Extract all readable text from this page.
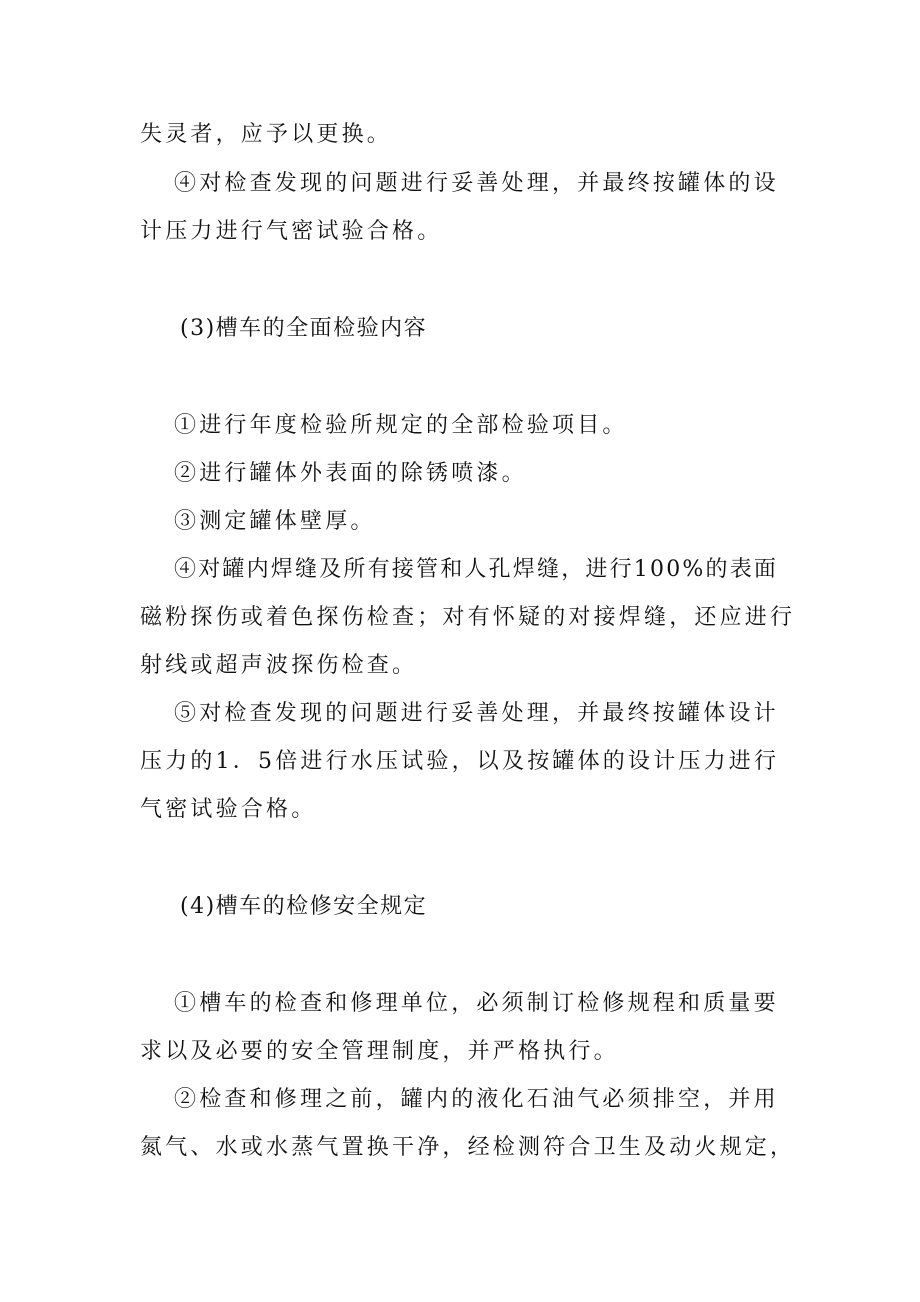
失灵者，应予以更换。
④对检查发现的问题进行妥善处理，并最终按罐体的设
计压力进行气密试验合格。
(3)槽车的全面检验内容
①进行年度检验所规定的全部检验项目。
②进行罐体外表面的除锈喷漆。
③测定罐体壁厚。
④对罐内焊缝及所有接管和人孔焊缝，进行100%的表面
磁粉探伤或着色探伤检查；对有怀疑的对接焊缝，还应进行
射线或超声波探伤检查。
⑤对检查发现的问题进行妥善处理，并最终按罐体设计
压力的1．5倍进行水压试验，以及按罐体的设计压力进行
气密试验合格。
(4)槽车的检修安全规定
①槽车的检查和修理单位，必须制订检修规程和质量要
求以及必要的安全管理制度，并严格执行。
②检查和修理之前，罐内的液化石油气必须排空，并用
氮气、水或水蒸气置换干净，经检测符合卫生及动火规定，
